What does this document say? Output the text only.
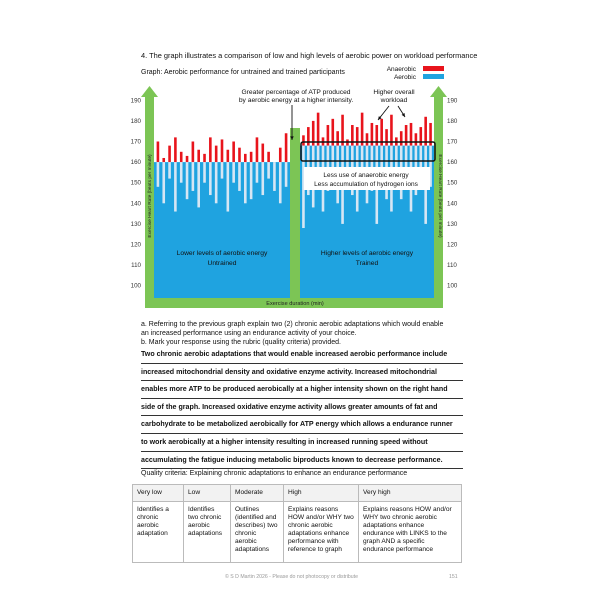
4. The graph illustrates a comparison of low and high levels of aerobic power on workload performance
Graph: Aerobic performance for untrained and trained participants	Anaerobic
Aerobic
190	190
180	180
170	170
160	160
150	150
140	140
130	130
120	120
110	110
100	100
Exercise Heart Rate (beats per minute)	Exercise Heart Rate (beats per minute)
Exercise duration (min)
Less use of anaerobic energy
Less accumulation of hydrogen ions
Greater percentage of ATP produced
by aerobic energy at a higher intensity.
Higher overall
workload
Lower levels of aerobic energy
Untrained
Higher levels of aerobic energy
Trained
a. Referring to the previous graph explain two (2) chronic aerobic adaptations which would enable
an increased performance using an endurance activity of your choice.
b. Mark your response using the rubric (quality criteria) provided.
Two chronic aerobic adaptations that would enable increased aerobic performance include
increased mitochondrial density and oxidative enzyme activity. Increased mitochondrial
enables more ATP to be produced aerobically at a higher intensity shown on the right hand
side of the graph. Increased oxidative enzyme activity allows greater amounts of fat and
carbohydrate to be metabolized aerobically for ATP energy which allows a endurance runner
to work aerobically at a higher intensity resulting in increased running speed without
accumulating the fatigue inducing metabolic biproducts known to decrease performance.
Quality criteria: Explaining chronic adaptations to enhance an endurance performance
Very low	Low	Moderate	High	Very high
Identifies a chronic aerobic adaptation	Identifies two chronic aerobic adaptations	Outlines (identified and describes) two chronic aerobic adaptations	Explains reasons HOW and/or WHY two chronic aerobic adaptations enhance performance with reference to graph	Explains reasons HOW and/or WHY two chronic aerobic adaptations enhance endurance with LINKS to the graph AND a specific endurance performance
© S D Martin 2026 - Please do not photocopy or distribute	151
